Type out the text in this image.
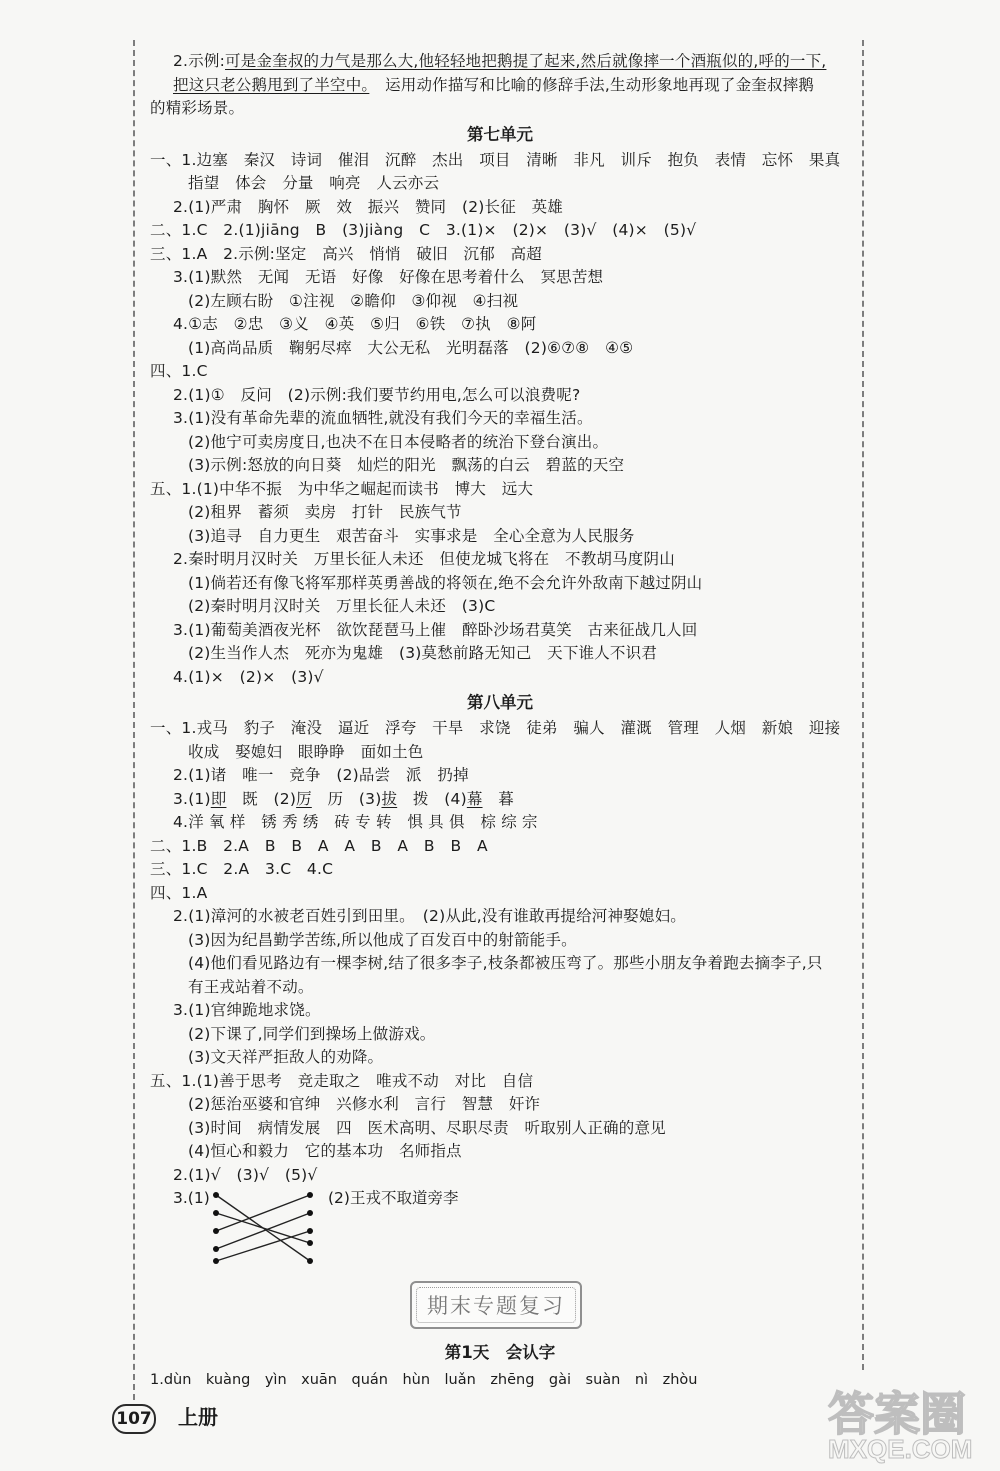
2.示例:可是金奎叔的力气是那么大,他轻轻地把鹅提了起来,然后就像摔一个酒瓶似的,呼的一下,
把这只老公鹅甩到了半空中。　 运用动作描写和比喻的修辞手法,生动形象地再现了金奎叔摔鹅
的精彩场景。
第七单元
一、1.边塞　秦汉　诗词　催泪　沉醉　杰出　项目　清晰　非凡　训斥　抱负　表情　忘怀　果真
指望　体会　分量　响亮　人云亦云
2.(1)严肃　胸怀　厥　效　振兴　赞同　(2)长征　英雄
二、1.C　2.(1)jiāng　B　(3)jiàng　C　3.(1)×　(2)×　(3)√　(4)×　(5)√
三、1.A　2.示例:坚定　高兴　悄悄　破旧　沉郁　高超
3.(1)默然　无闻　无语　好像　好像在思考着什么　冥思苦想
(2)左顾右盼　①注视　②瞻仰　③仰视　④扫视
4.①志　②忠　③义　④英　⑤归　⑥铁　⑦执　⑧阿
(1)高尚品质　鞠躬尽瘁　大公无私　光明磊落　(2)⑥⑦⑧　④⑤
四、1.C
2.(1)①　反问　(2)示例:我们要节约用电,怎么可以浪费呢?
3.(1)没有革命先辈的流血牺牲,就没有我们今天的幸福生活。
(2)他宁可卖房度日,也决不在日本侵略者的统治下登台演出。
(3)示例:怒放的向日葵　灿烂的阳光　飘荡的白云　碧蓝的天空
五、1.(1)中华不振　为中华之崛起而读书　博大　远大
(2)租界　蓄须　卖房　打针　民族气节
(3)追寻　自力更生　艰苦奋斗　实事求是　全心全意为人民服务
2.秦时明月汉时关　万里长征人未还　但使龙城飞将在　不教胡马度阴山
(1)倘若还有像飞将军那样英勇善战的将领在,绝不会允许外敌南下越过阴山
(2)秦时明月汉时关　万里长征人未还　(3)C
3.(1)葡萄美酒夜光杯　欲饮琵琶马上催　醉卧沙场君莫笑　古来征战几人回
(2)生当作人杰　死亦为鬼雄　(3)莫愁前路无知己　天下谁人不识君
4.(1)×　(2)×　(3)√
第八单元
一、1.戎马　豹子　淹没　逼近　浮夸　干旱　求饶　徒弟　骗人　灌溉　管理　人烟　新娘　迎接
收成　娶媳妇　眼睁睁　面如土色
2.(1)诸　唯一　竞争　(2)品尝　派　扔掉
3.(1)即　既　(2)厉　历　(3)拔　拨　(4)幕　暮
4.洋 氧 样　锈 秀 绣　砖 专 转　惧 具 俱　棕 综 宗
二、1.B　2.A　B　B　A　A　B　A　B　B　A
三、1.C　2.A　3.C　4.C
四、1.A
2.(1)漳河的水被老百姓引到田里。　(2)从此,没有谁敢再提给河神娶媳妇。
(3)因为纪昌勤学苦练,所以他成了百发百中的射箭能手。
(4)他们看见路边有一棵李树,结了很多李子,枝条都被压弯了。那些小朋友争着跑去摘李子,只
有王戎站着不动。
3.(1)官绅跪地求饶。
(2)下课了,同学们到操场上做游戏。
(3)文天祥严拒敌人的劝降。
五、1.(1)善于思考　竞走取之　唯戎不动　对比　自信
(2)惩治巫婆和官绅　兴修水利　言行　智慧　奸诈
(3)时间　病情发展　四　医术高明、尽职尽责　听取别人正确的意见
(4)恒心和毅力　它的基本功　名师指点
2.(1)√　(3)√　(5)√
3.(1)	(2)王戎不取道旁李
期末专题复习
第1天　会认字
1.dùn　kuàng　yìn　xuān　quán　hùn　luǎn　zhēng　gài　suàn　nì　zhòu
107 上册	答案圈
MXQE.COM
